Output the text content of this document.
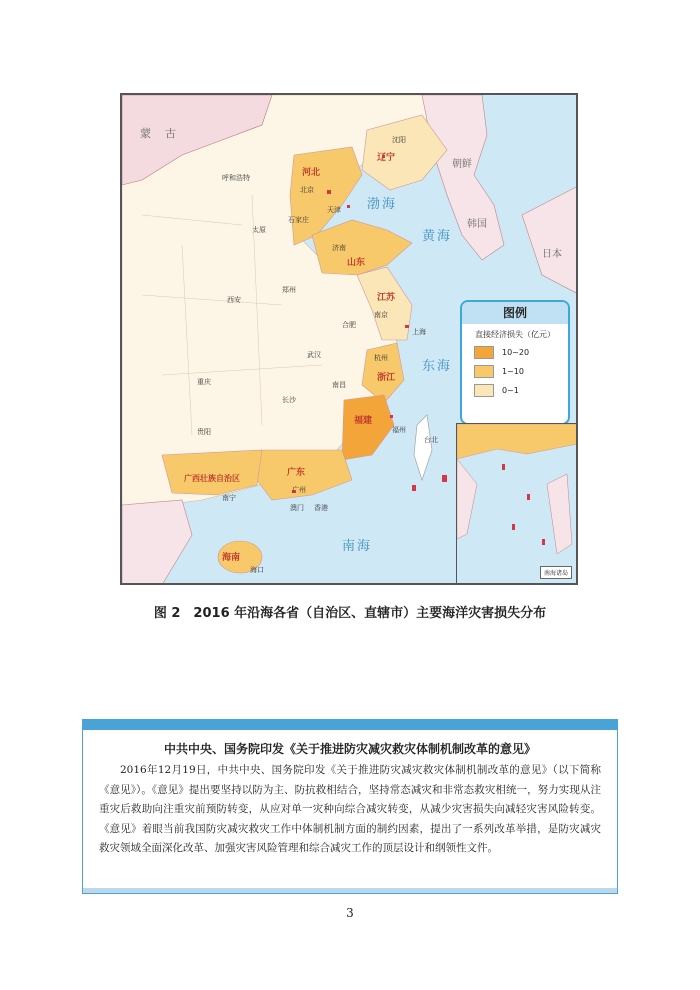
蒙古
北京
天津
石家庄
济南
沈阳
南京
上海
杭州
福州
台北
广州
南宁
海口
香港
澳门
呼和浩特
太原
郑州
西安
武汉
合肥
长沙
南昌
重庆
贵阳
辽宁
河北
山东
江苏
浙江
福建
广东
广西壮族自治区
海南
渤海
黄海
东海
南海
朝鲜
韩国
日本
图例
直接经济损失（亿元）
10~20
1~10
0~1
南海诸岛
图 2　2016 年沿海各省（自治区、直辖市）主要海洋灾害损失分布
中共中央、国务院印发《关于推进防灾减灾救灾体制机制改革的意见》
2016年12月19日，中共中央、国务院印发《关于推进防灾减灾救灾体制机制改革的意见》（以下简称《意见》）。《意见》提出要坚持以防为主、防抗救相结合，坚持常态减灾和非常态救灾相统一，努力实现从注重灾后救助向注重灾前预防转变，从应对单一灾种向综合减灾转变，从减少灾害损失向减轻灾害风险转变。《意见》着眼当前我国防灾减灾救灾工作中体制机制方面的制约因素，提出了一系列改革举措，是防灾减灾救灾领域全面深化改革、加强灾害风险管理和综合减灾工作的顶层设计和纲领性文件。
3
